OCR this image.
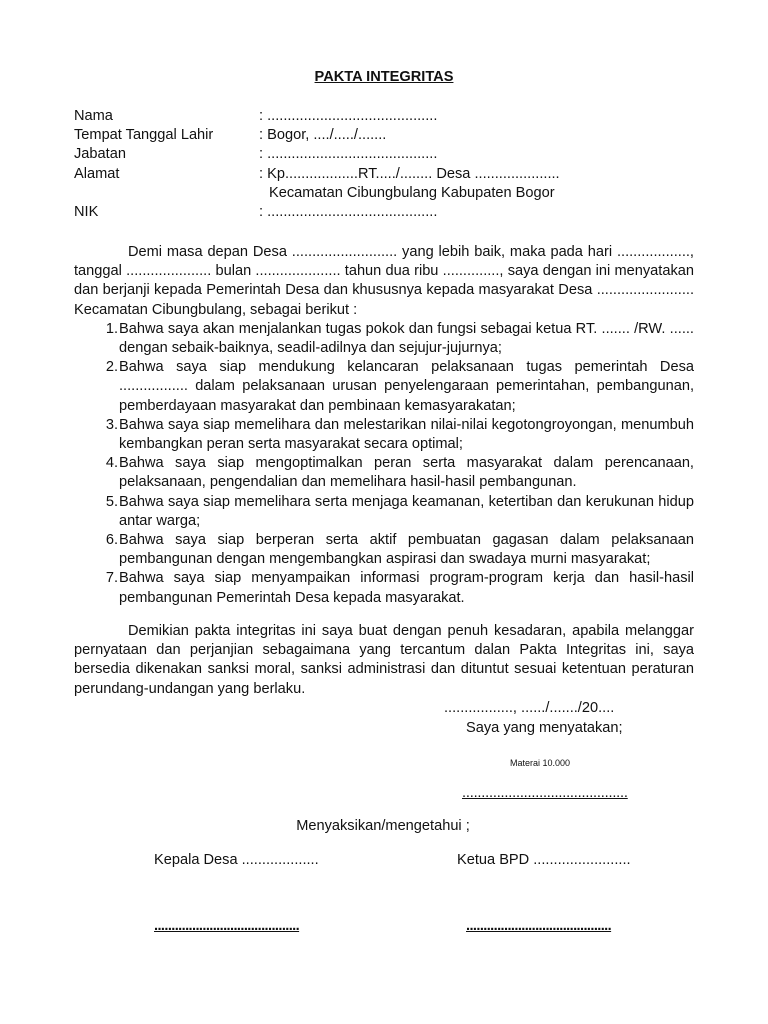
PAKTA INTEGRITAS
Nama	: ..........................................
Tempat Tanggal Lahir	: Bogor, ..../...../.......
Jabatan	: ..........................................
Alamat	: Kp..................RT...../........ Desa .....................
Kecamatan Cibungbulang Kabupaten Bogor
NIK	: ..........................................

Demi masa depan Desa .......................... yang lebih baik, maka pada hari .................., tanggal ..................... bulan ..................... tahun dua ribu .............., saya dengan ini menyatakan dan berjanji kepada Pemerintah Desa dan khususnya kepada masyarakat Desa ........................ Kecamatan Cibungbulang, sebagai berikut :

1. Bahwa saya akan menjalankan tugas pokok dan fungsi sebagai ketua RT. ....... /RW. ...... dengan sebaik-baiknya, seadil-adilnya dan sejujur-jujurnya;
2. Bahwa saya siap mendukung kelancaran pelaksanaan tugas pemerintah Desa ................. dalam pelaksanaan urusan penyelengaraan pemerintahan, pembangunan, pemberdayaan masyarakat dan pembinaan kemasyarakatan;
3. Bahwa saya siap memelihara dan melestarikan nilai-nilai kegotongroyongan, menumbuh kembangkan peran serta masyarakat secara optimal;
4. Bahwa saya siap mengoptimalkan peran serta masyarakat dalam perencanaan, pelaksanaan, pengendalian dan memelihara hasil-hasil pembangunan.
5. Bahwa saya siap memelihara serta menjaga keamanan, ketertiban dan kerukunan hidup antar warga;
6. Bahwa saya siap berperan serta aktif pembuatan gagasan dalam pelaksanaan pembangunan dengan mengembangkan aspirasi dan swadaya murni masyarakat;
7. Bahwa saya siap menyampaikan informasi program-program kerja dan hasil-hasil pembangunan Pemerintah Desa kepada masyarakat.

Demikian pakta integritas ini saya buat dengan penuh kesadaran, apabila melanggar pernyataan dan perjanjian sebagaimana yang tercantum dalan Pakta Integritas ini, saya bersedia dikenakan sanksi moral, sanksi administrasi dan dituntut sesuai ketentuan peraturan perundang-undangan yang berlaku.

................., ....../......./20....
Saya yang menyatakan;
Materai 10.000
...........................................
Menyaksikan/mengetahui ;
Kepala Desa ...................	Ketua BPD ........................
..........................................	..........................................
